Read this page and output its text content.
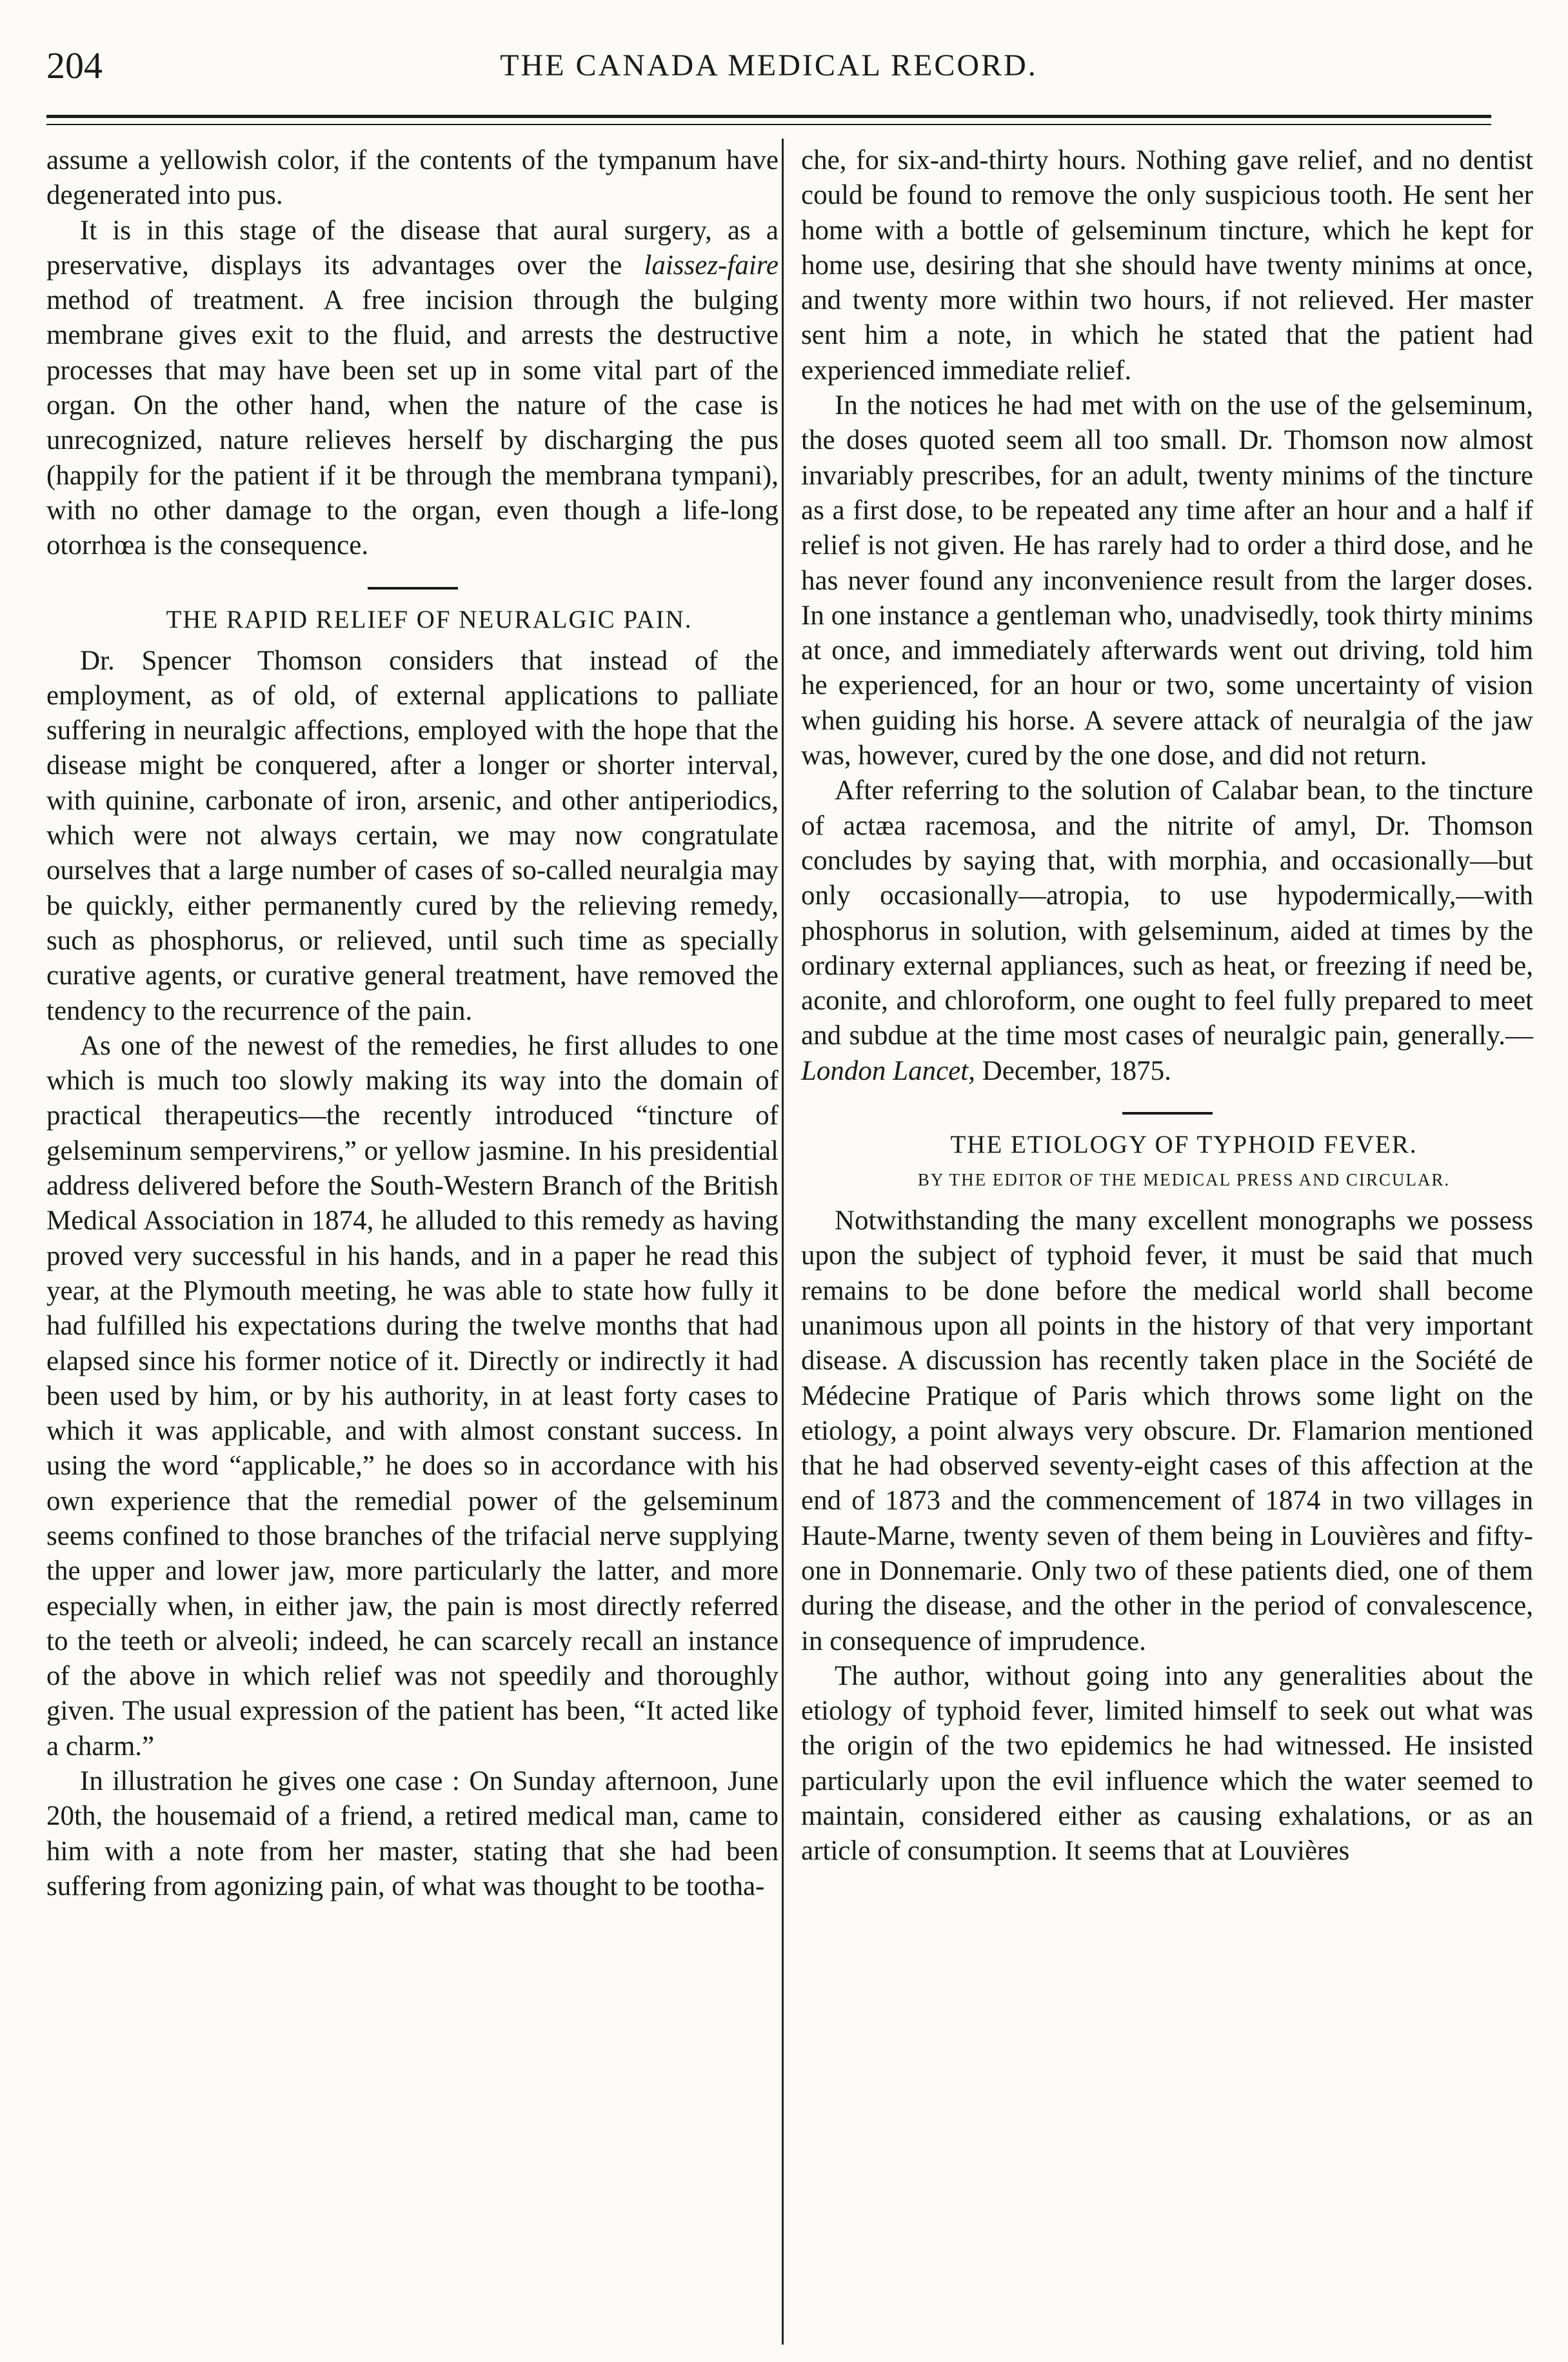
204	THE CANADA MEDICAL RECORD.

assume a yellowish color, if the contents of the tympanum have degenerated into pus.

It is in this stage of the disease that aural surgery, as a preservative, displays its advantages over the laissez-faire method of treatment. A free incision through the bulging membrane gives exit to the fluid, and arrests the destructive processes that may have been set up in some vital part of the organ. On the other hand, when the nature of the case is unrecognized, nature relieves herself by discharging the pus (happily for the patient if it be through the membrana tympani), with no other damage to the organ, even though a life-long otorrhœa is the consequence.

THE RAPID RELIEF OF NEURALGIC PAIN.

Dr. Spencer Thomson considers that instead of the employment, as of old, of external applications to palliate suffering in neuralgic affections, employed with the hope that the disease might be conquered, after a longer or shorter interval, with quinine, carbonate of iron, arsenic, and other antiperiodics, which were not always certain, we may now congratulate ourselves that a large number of cases of so-called neuralgia may be quickly, either permanently cured by the relieving remedy, such as phosphorus, or relieved, until such time as specially curative agents, or curative general treatment, have removed the tendency to the recurrence of the pain.

As one of the newest of the remedies, he first alludes to one which is much too slowly making its way into the domain of practical therapeutics—the recently introduced “tincture of gelseminum sempervirens,” or yellow jasmine. In his presidential address delivered before the South-Western Branch of the British Medical Association in 1874, he alluded to this remedy as having proved very successful in his hands, and in a paper he read this year, at the Plymouth meeting, he was able to state how fully it had fulfilled his expectations during the twelve months that had elapsed since his former notice of it. Directly or indirectly it had been used by him, or by his authority, in at least forty cases to which it was applicable, and with almost constant success. In using the word “applicable,” he does so in accordance with his own experience that the remedial power of the gelseminum seems confined to those branches of the trifacial nerve supplying the upper and lower jaw, more particularly the latter, and more especially when, in either jaw, the pain is most directly referred to the teeth or alveoli; indeed, he can scarcely recall an instance of the above in which relief was not speedily and thoroughly given. The usual expression of the patient has been, “It acted like a charm.”

In illustration he gives one case : On Sunday afternoon, June 20th, the housemaid of a friend, a retired medical man, came to him with a note from her master, stating that she had been suffering from agonizing pain, of what was thought to be tootha-

che, for six-and-thirty hours. Nothing gave relief, and no dentist could be found to remove the only suspicious tooth. He sent her home with a bottle of gelseminum tincture, which he kept for home use, desiring that she should have twenty minims at once, and twenty more within two hours, if not relieved. Her master sent him a note, in which he stated that the patient had experienced immediate relief.

In the notices he had met with on the use of the gelseminum, the doses quoted seem all too small. Dr. Thomson now almost invariably prescribes, for an adult, twenty minims of the tincture as a first dose, to be repeated any time after an hour and a half if relief is not given. He has rarely had to order a third dose, and he has never found any inconvenience result from the larger doses. In one instance a gentleman who, unadvisedly, took thirty minims at once, and immediately afterwards went out driving, told him he experienced, for an hour or two, some uncertainty of vision when guiding his horse. A severe attack of neuralgia of the jaw was, however, cured by the one dose, and did not return.

After referring to the solution of Calabar bean, to the tincture of actæa racemosa, and the nitrite of amyl, Dr. Thomson concludes by saying that, with morphia, and occasionally—but only occasionally—atropia, to use hypodermically,—with phosphorus in solution, with gelseminum, aided at times by the ordinary external appliances, such as heat, or freezing if need be, aconite, and chloroform, one ought to feel fully prepared to meet and subdue at the time most cases of neuralgic pain, generally.—London Lancet, December, 1875.

THE ETIOLOGY OF TYPHOID FEVER.

BY THE EDITOR OF THE MEDICAL PRESS AND CIRCULAR.

Notwithstanding the many excellent monographs we possess upon the subject of typhoid fever, it must be said that much remains to be done before the medical world shall become unanimous upon all points in the history of that very important disease. A discussion has recently taken place in the Société de Médecine Pratique of Paris which throws some light on the etiology, a point always very obscure. Dr. Flamarion mentioned that he had observed seventy-eight cases of this affection at the end of 1873 and the commencement of 1874 in two villages in Haute-Marne, twenty seven of them being in Louvières and fifty-one in Donnemarie. Only two of these patients died, one of them during the disease, and the other in the period of convalescence, in consequence of imprudence.

The author, without going into any generalities about the etiology of typhoid fever, limited himself to seek out what was the origin of the two epidemics he had witnessed. He insisted particularly upon the evil influence which the water seemed to maintain, considered either as causing exhalations, or as an article of consumption. It seems that at Louvières
